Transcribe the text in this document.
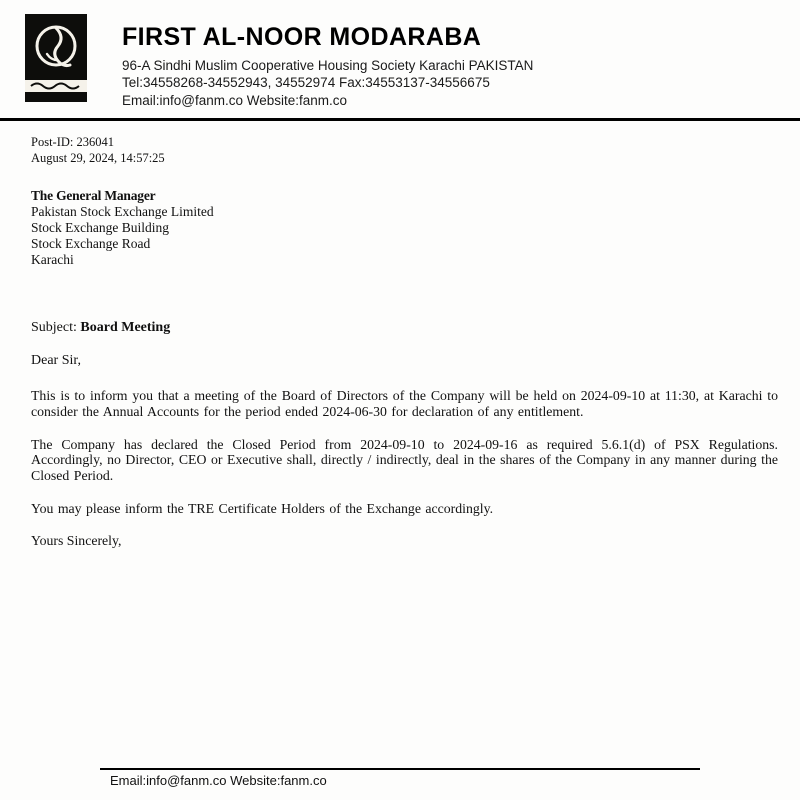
FIRST AL-NOOR MODARABA
96-A Sindhi Muslim Cooperative Housing Society Karachi PAKISTAN
Tel:34558268-34552943, 34552974 Fax:34553137-34556675
Email:info@fanm.co Website:fanm.co
Post-ID: 236041
August 29, 2024, 14:57:25
The General Manager
Pakistan Stock Exchange Limited
Stock Exchange Building
Stock Exchange Road
Karachi
Subject: Board Meeting
Dear Sir,

This is to inform you that a meeting of the Board of Directors of the Company will be held on 2024-09-10 at 11:30, at Karachi to consider the Annual Accounts for the period ended 2024-06-30 for declaration of any entitlement.

The Company has declared the Closed Period from 2024-09-10 to 2024-09-16 as required 5.6.1(d) of PSX Regulations. Accordingly, no Director, CEO or Executive shall, directly / indirectly, deal in the shares of the Company in any manner during the Closed Period.

You may please inform the TRE Certificate Holders of the Exchange accordingly.

Yours Sincerely,
Email:info@fanm.co Website:fanm.co
